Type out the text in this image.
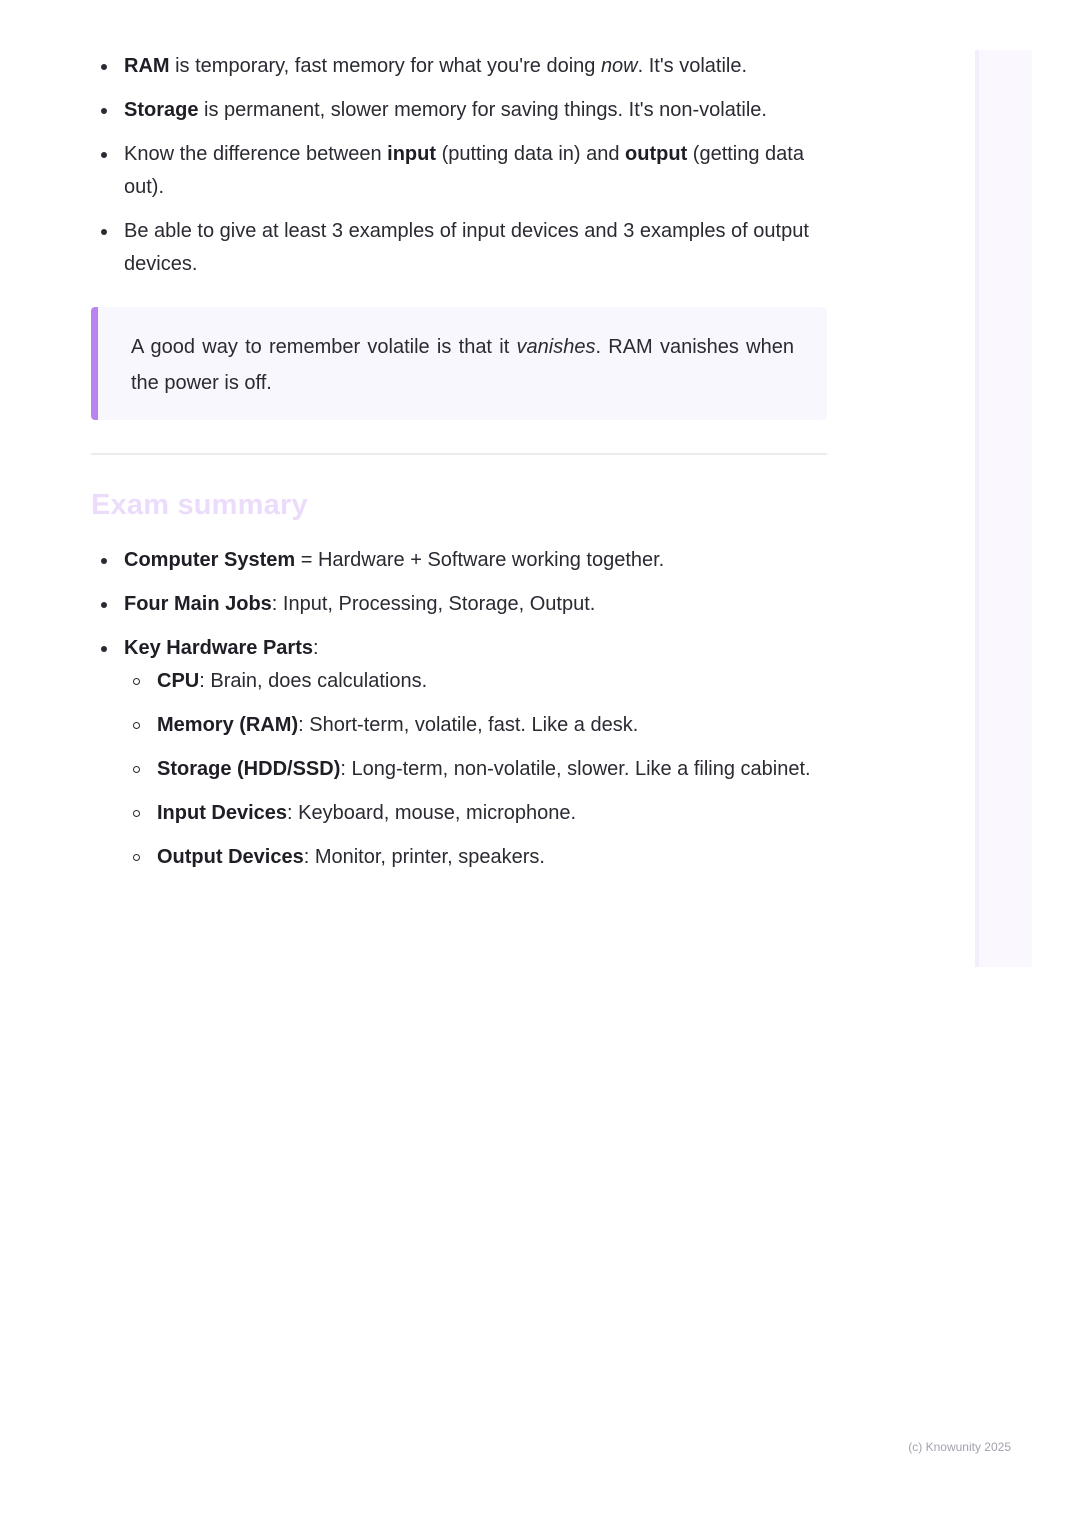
RAM is temporary, fast memory for what you're doing now. It's volatile.
Storage is permanent, slower memory for saving things. It's non-volatile.
Know the difference between input (putting data in) and output (getting data out).
Be able to give at least 3 examples of input devices and 3 examples of output devices.
A good way to remember volatile is that it vanishes. RAM vanishes when the power is off.
Exam summary
Computer System = Hardware + Software working together.
Four Main Jobs: Input, Processing, Storage, Output.
Key Hardware Parts:
CPU: Brain, does calculations.
Memory (RAM): Short-term, volatile, fast. Like a desk.
Storage (HDD/SSD): Long-term, non-volatile, slower. Like a filing cabinet.
Input Devices: Keyboard, mouse, microphone.
Output Devices: Monitor, printer, speakers.
(c) Knowunity 2025
